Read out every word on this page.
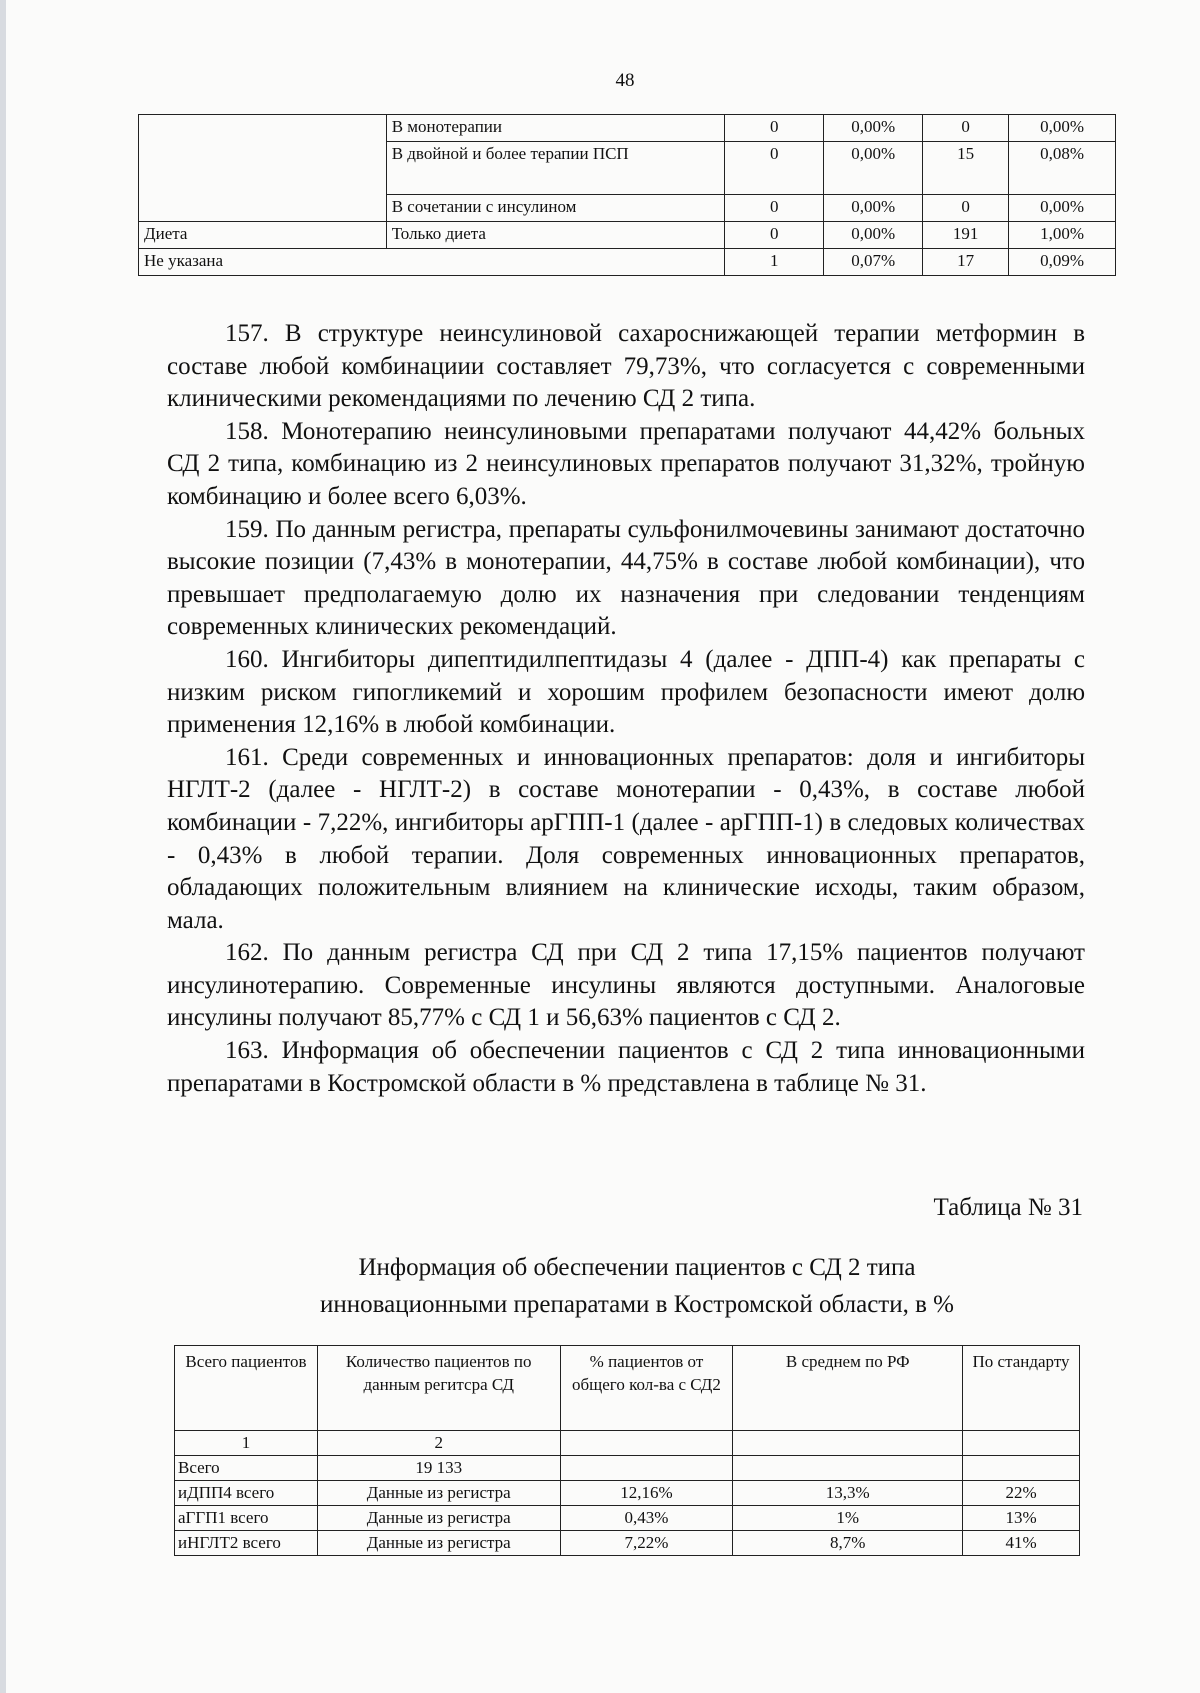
48
	В монотерапии	0	0,00%	0	0,00%
	В двойной и более терапии ПСП	0	0,00%	15	0,08%
	В сочетании с инсулином	0	0,00%	0	0,00%
Диета	Только диета	0	0,00%	191	1,00%
Не указана		1	0,07%	17	0,09%

157. В структуре неинсулиновой сахароснижающей терапии метформин в составе любой комбинациии составляет 79,73%, что согласуется с современными клиническими рекомендациями по лечению СД 2 типа.

158. Монотерапию неинсулиновыми препаратами получают 44,42% больных СД 2 типа, комбинацию из 2 неинсулиновых препаратов получают 31,32%, тройную комбинацию и более всего 6,03%.

159. По данным регистра, препараты сульфонилмочевины занимают достаточно высокие позиции (7,43% в монотерапии, 44,75% в составе любой комбинации), что превышает предполагаемую долю их назначения при следовании тенденциям современных клинических рекомендаций.

160. Ингибиторы дипептидилпептидазы 4 (далее - ДПП-4) как препараты с низким риском гипогликемий и хорошим профилем безопасности имеют долю применения 12,16% в любой комбинации.

161. Среди современных и инновационных препаратов: доля и ингибиторы НГЛТ-2 (далее - НГЛТ-2) в составе монотерапии - 0,43%, в составе любой комбинации - 7,22%, ингибиторы арГПП-1 (далее - арГПП-1) в следовых количествах - 0,43% в любой терапии. Доля современных инновационных препаратов, обладающих положительным влиянием на клинические исходы, таким образом, мала.

162. По данным регистра СД при СД 2 типа 17,15% пациентов получают инсулинотерапию. Современные инсулины являются доступными. Аналоговые инсулины получают 85,77% с СД 1 и 56,63% пациентов с СД 2.

163. Информация об обеспечении пациентов с СД 2 типа инновационными препаратами в Костромской области в % представлена в таблице № 31.

Таблица № 31
Информация об обеспечении пациентов с СД 2 типа
инновационными препаратами в Костромской области, в %
Всего пациентов	Количество пациентов по данным регитсра СД	% пациентов от общего кол-ва с СД2	В среднем по РФ	По стандарту
1	2			
Всего	19 133			
иДПП4 всего	Данные из регистра	12,16%	13,3%	22%
аГГП1 всего	Данные из регистра	0,43%	1%	13%
иНГЛТ2 всего	Данные из регистра	7,22%	8,7%	41%
